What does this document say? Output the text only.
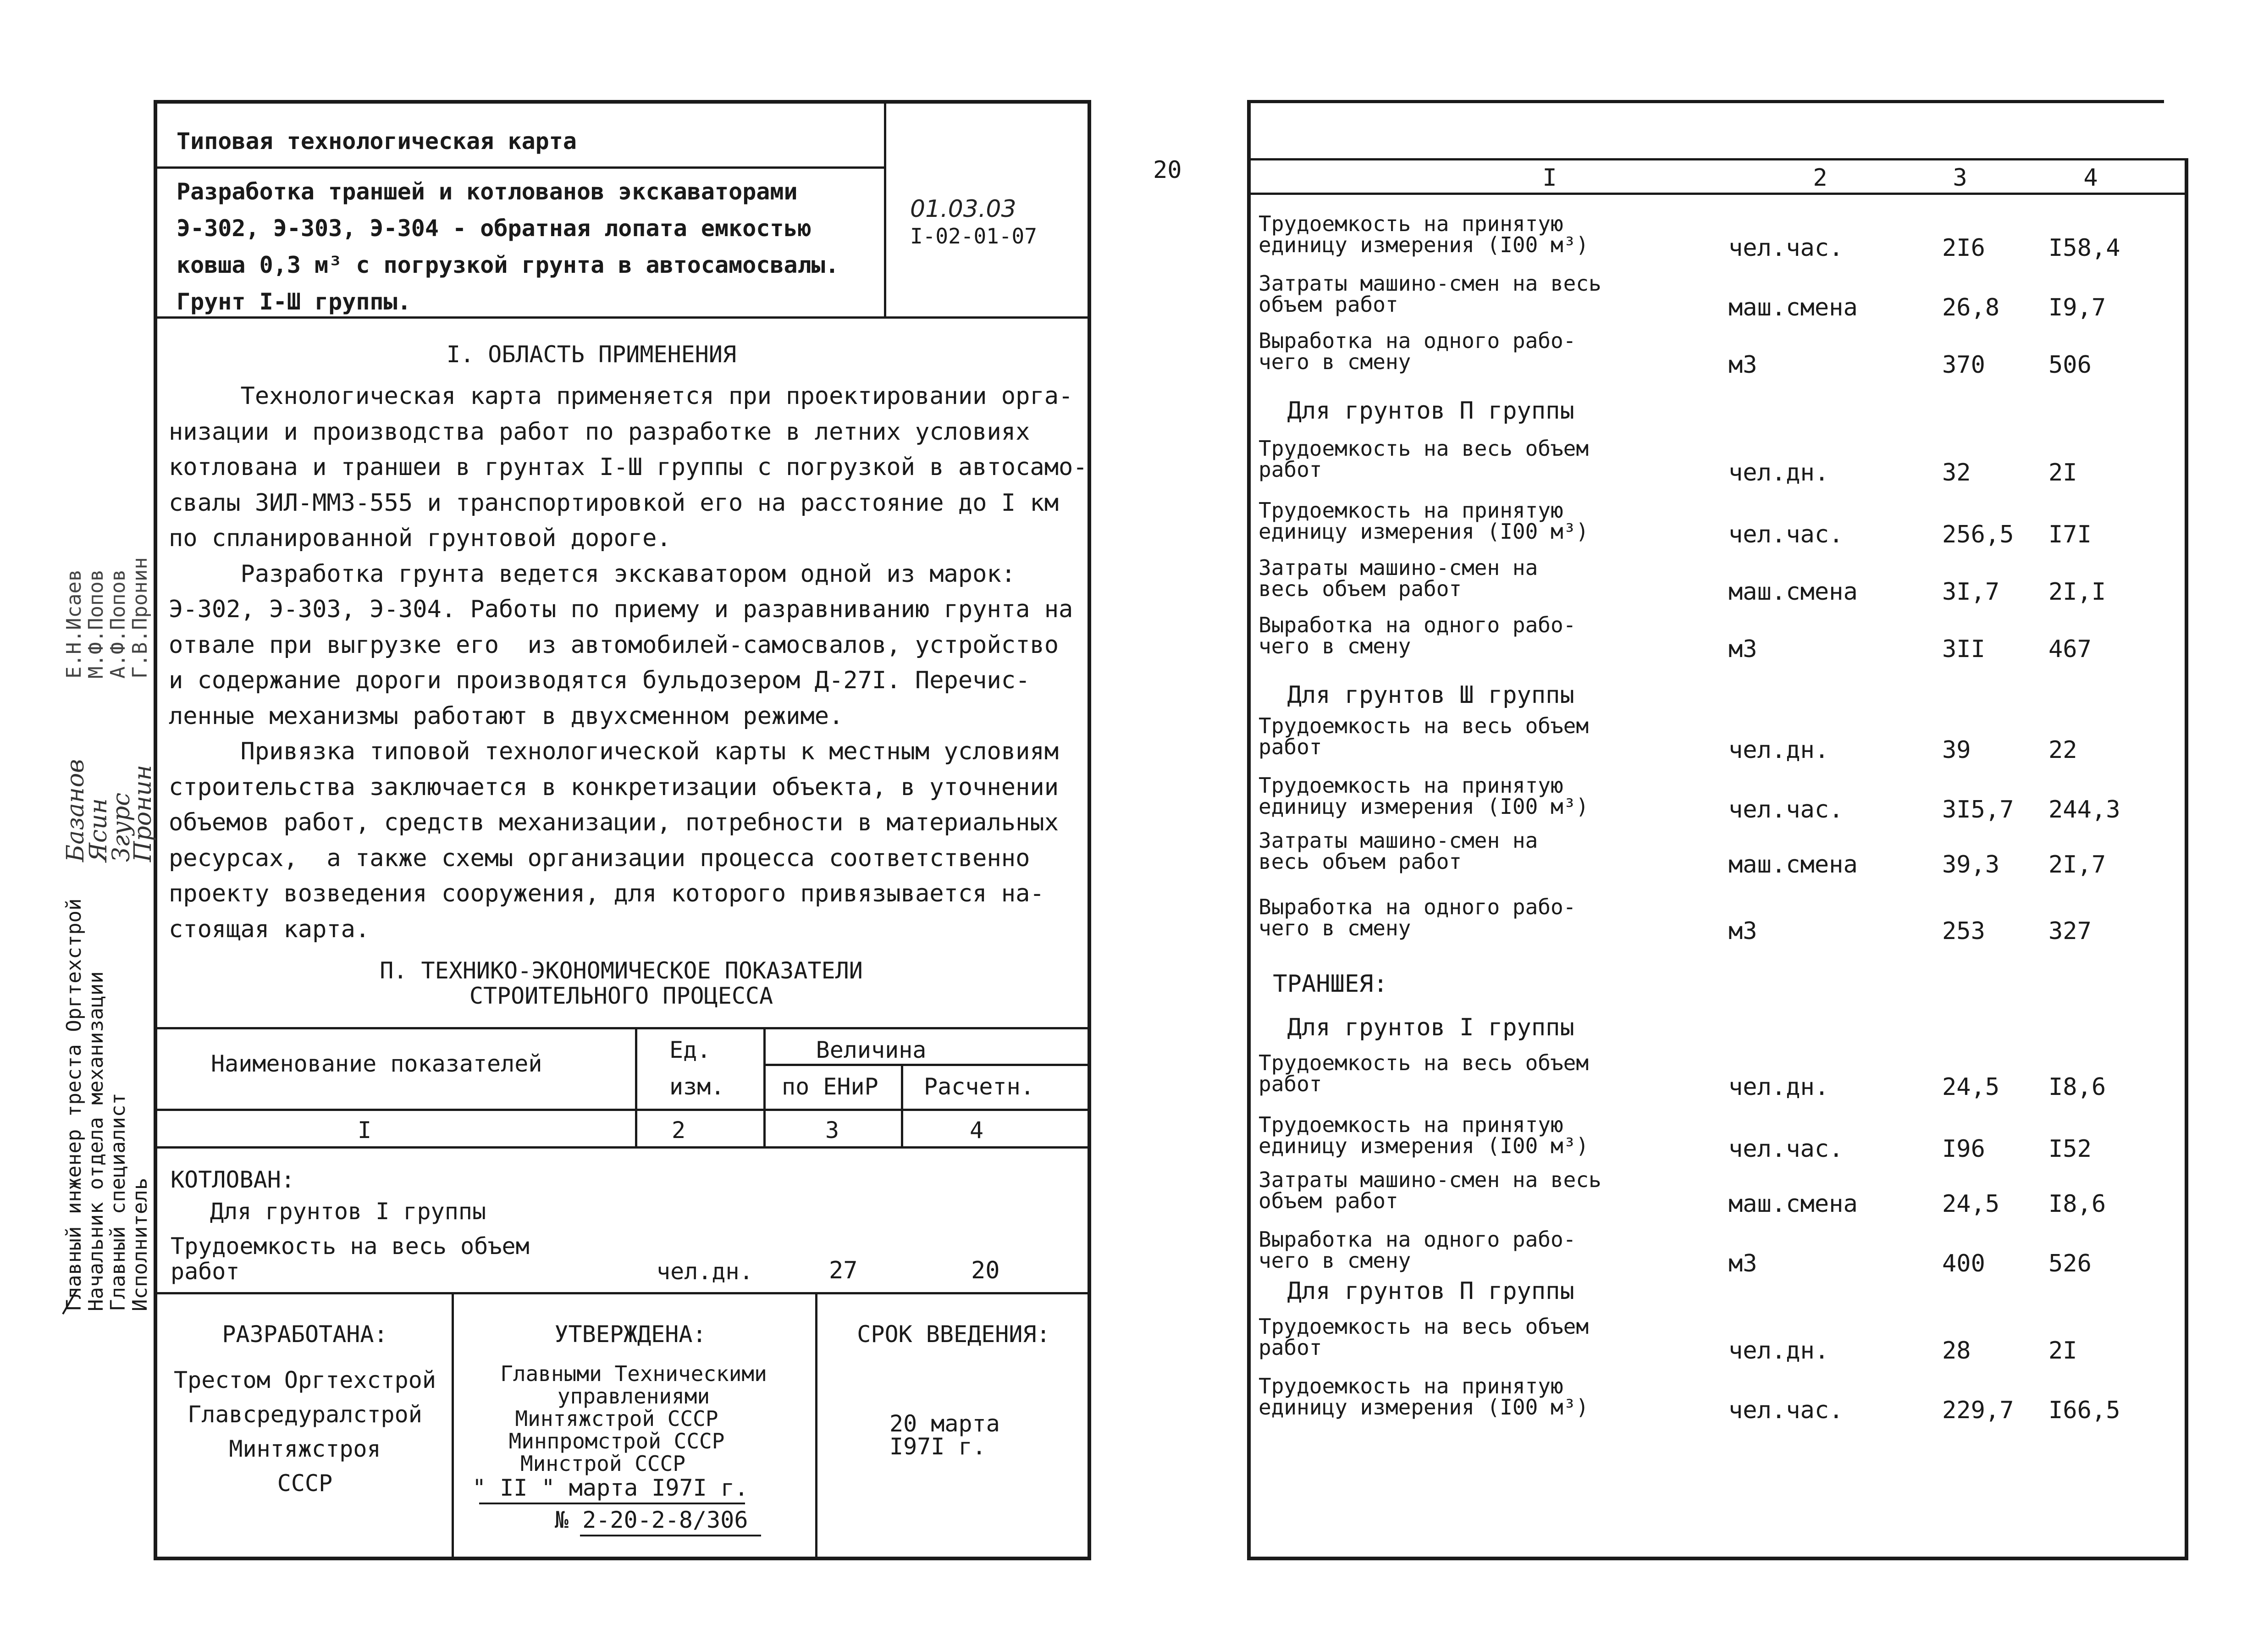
Типовая технологическая карта
Разработка траншей и котлованов экскаваторами
Э-302, Э-303, Э-304 - обратная лопата емкостью
ковша 0,3 м³ с погрузкой грунта в автосамосвалы.
Грунт I-Ш группы.
01.03.03
I-02-01-07
I. ОБЛАСТЬ ПРИМЕНЕНИЯ
Технологическая карта применяется при проектировании орга-
низации и производства работ по разработке в летних условиях
котлована и траншеи в грунтах I-Ш группы с погрузкой в автосамо-
свалы ЗИЛ-ММЗ-555 и транспортировкой его на расстояние до I км
по спланированной грунтовой дороге.
Разработка грунта ведется экскаватором одной из марок:
Э-302, Э-303, Э-304. Работы по приему и разравниванию грунта на
отвале при выгрузке его  из автомобилей-самосвалов, устройство
и содержание дороги производятся бульдозером Д-27I. Перечис-
ленные механизмы работают в двухсменном режиме.
Привязка типовой технологической карты к местным условиям
строительства заключается в конкретизации объекта, в уточнении
объемов работ, средств механизации, потребности в материальных
ресурсах,  а также схемы организации процесса соответственно
проекту возведения сооружения, для которого привязывается на-
стоящая карта.
П. ТЕХНИКО-ЭКОНОМИЧЕСКОЕ ПОКАЗАТЕЛИ
СТРОИТЕЛЬНОГО ПРОЦЕССА
Наименование показателей
Ед.
изм.
Величина
по ЕНиР Расчетн.
I	2	3	4
КОТЛОВАН:
Для грунтов I группы
Трудоемкость на весь объем
работ	чел.дн.	27	20
РАЗРАБОТАНА:
Трестом Оргтехстрой
Главсредуралстрой
Минтяжстроя
СССР
УТВЕРЖДЕНА:
Главными Техническими
управлениями
Минтяжстрой СССР
Минпромстрой СССР
Минстрой СССР
" II " марта I97I г.
№ 2-20-2-8/306
СРОК ВВЕДЕНИЯ:
20 марта
I97I г.
Главный инженер треста Оргтехстрой
Начальник отдела механизации
Главный специалист
Исполнитель
Базанов
Ясин
Згурс
Пронин
Е.Н.Исаев
М.Ф.Попов
А.Ф.Попов
Г.В.Пронин
20	I	2	3	4
Трудоемкость на принятую
единицу измерения (I00 м³)	чел.час.	2I6	I58,4
Затраты машино-смен на весь
объем работ	маш.смена	26,8 I9,7
Выработка на одного рабо-
чего в смену	м3	370	506
Для грунтов П группы
Трудоемкость на весь объем
работ	чел.дн.	32	2I
Трудоемкость на принятую
единицу измерения (I00 м³)	чел.час.	256,5 I7I
Затраты машино-смен на
весь объем работ	маш.смена	3I,7 2I,I
Выработка на одного рабо-
чего в смену	м3	3II	467
Для грунтов Ш группы
Трудоемкость на весь объем
работ	чел.дн.	39	22
Трудоемкость на принятую
единицу измерения (I00 м³)	чел.час.	3I5,7 244,3
Затраты машино-смен на
весь объем работ	маш.смена	39,3 2I,7
Выработка на одного рабо-
чего в смену	м3	253	327
ТРАНШЕЯ:
Для грунтов I группы
Трудоемкость на весь объем
работ	чел.дн.	24,5 I8,6
Трудоемкость на принятую
единицу измерения (I00 м³)	чел.час.	I96	I52
Затраты машино-смен на весь
объем работ	маш.смена	24,5 I8,6
Выработка на одного рабо-
чего в смену	м3	400	526
Для грунтов П группы
Трудоемкость на весь объем
работ	чел.дн.	28	2I
Трудоемкость на принятую
единицу измерения (I00 м³)	чел.час.	229,7 I66,5
